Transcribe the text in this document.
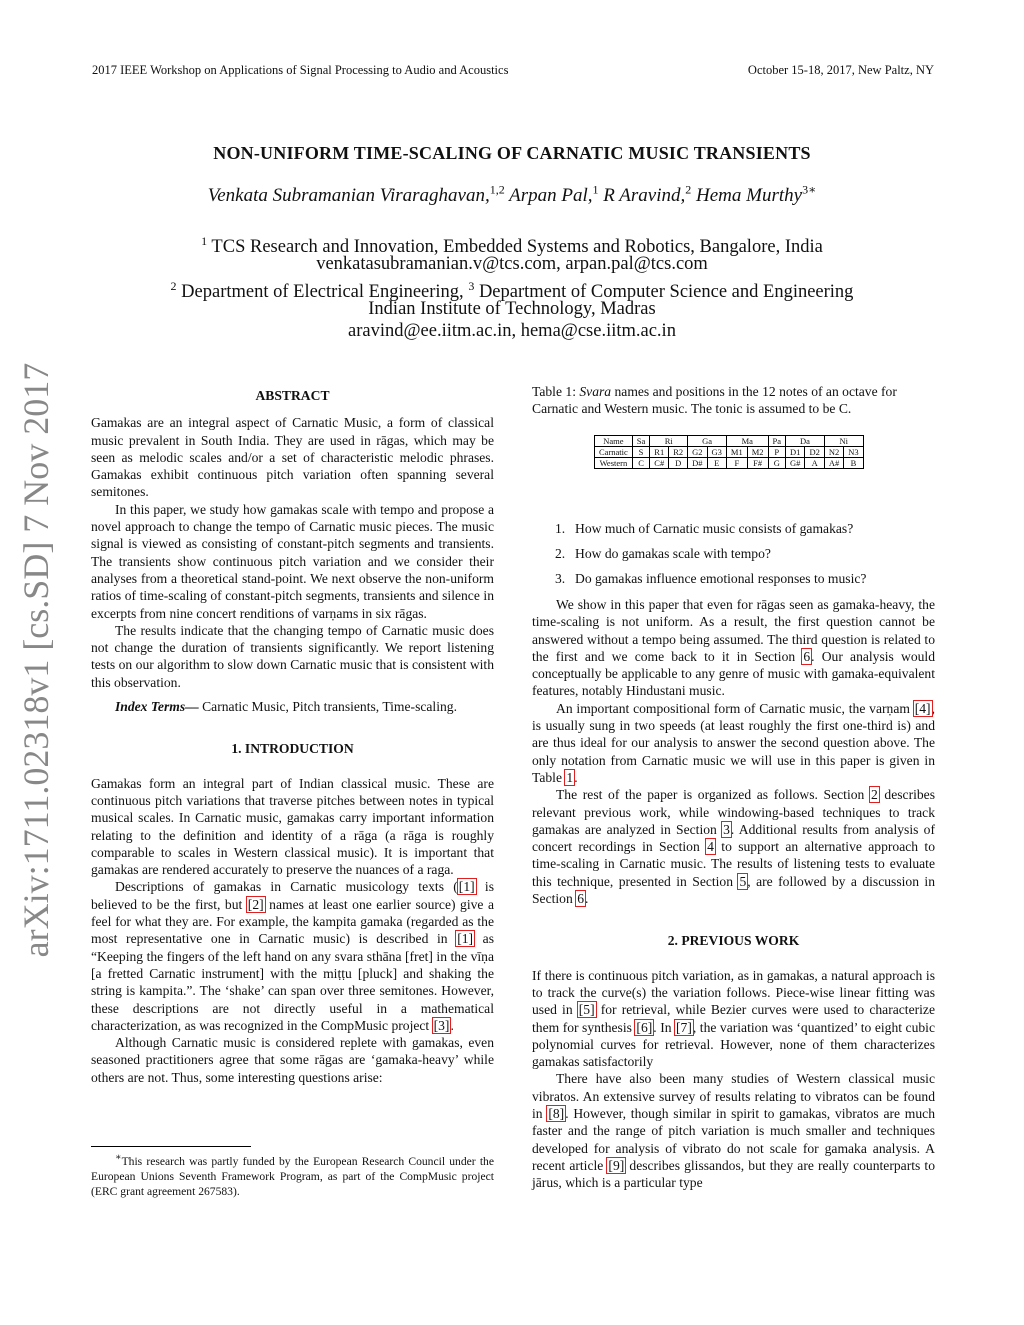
2017 IEEE Workshop on Applications of Signal Processing to Audio and Acoustics	October 15-18, 2017, New Paltz, NY
NON-UNIFORM TIME-SCALING OF CARNATIC MUSIC TRANSIENTS
Venkata Subramanian Viraraghavan,$^{1,2}$ Arpan Pal,$^1$ R Aravind,$^2$ Hema Murthy$^{3∗}$
$^1$ TCS Research and Innovation, Embedded Systems and Robotics, Bangalore, India
venkatasubramanian.v@tcs.com, arpan.pal@tcs.com
$^2$ Department of Electrical Engineering, $^3$ Department of Computer Science and Engineering
Indian Institute of Technology, Madras
aravind@ee.iitm.ac.in, hema@cse.iitm.ac.in
arXiv:1711.02318v1 [cs.SD] 7 Nov 2017	ABSTRACT

Gamakas are an integral aspect of Carnatic Music, a form of classical music prevalent in South India. They are used in rāgas, which may be seen as melodic scales and/or a set of characteristic melodic phrases. Gamakas exhibit continuous pitch variation often spanning several semitones.

In this paper, we study how gamakas scale with tempo and propose a novel approach to change the tempo of Carnatic music pieces. The music signal is viewed as consisting of constant-pitch segments and transients. The transients show continuous pitch variation and we consider their analyses from a theoretical stand-point. We next observe the non-uniform ratios of time-scaling of constant-pitch segments, transients and silence in excerpts from nine concert renditions of varṇams in six rāgas.

The results indicate that the changing tempo of Carnatic music does not change the duration of transients significantly. We report listening tests on our algorithm to slow down Carnatic music that is consistent with this observation.

Index Terms— Carnatic Music, Pitch transients, Time-scaling.

1. INTRODUCTION

Gamakas form an integral part of Indian classical music. These are continuous pitch variations that traverse pitches between notes in typical musical scales. In Carnatic music, gamakas carry important information relating to the definition and identity of a rāga (a rāga is roughly comparable to scales in Western classical music). It is important that gamakas are rendered accurately to preserve the nuances of a raga.

Descriptions of gamakas in Carnatic musicology texts ([1] is believed to be the first, but [2] names at least one earlier source) give a feel for what they are. For example, the kampita gamaka (regarded as the most representative one in Carnatic music) is described in [1] as “Keeping the fingers of the left hand on any svara sthāna [fret] in the vīṇa [a fretted Carnatic instrument] with the miṭṭu [pluck] and shaking the string is kampita.”. The ‘shake’ can span over three semitones. However, these descriptions are not directly useful in a mathematical characterization, as was recognized in the CompMusic project [3].

Although Carnatic music is considered replete with gamakas, even seasoned practitioners agree that some rāgas are ‘gamaka-heavy’ while others are not. Thus, some interesting questions arise:

∗This research was partly funded by the European Research Council under the European Unions Seventh Framework Program, as part of the CompMusic project (ERC grant agreement 267583).

Table 1: Svara names and positions in the 12 notes of an octave for Carnatic and Western music. The tonic is assumed to be C.
Name	Sa	Ri		Ga		Ma		Pa	Da		Ni	
Carnatic	S	R1	R2	G2	G3	M1	M2	P	D1	D2	N2	N3
Western	C	C#	D	D#	E	F	F#	G	G#	A	A#	B
1. How much of Carnatic music consists of gamakas?
2. How do gamakas scale with tempo?
3. Do gamakas influence emotional responses to music?

We show in this paper that even for rāgas seen as gamaka-heavy, the time-scaling is not uniform. As a result, the first question cannot be answered without a tempo being assumed. The third question is related to the first and we come back to it in Section 6. Our analysis would conceptually be applicable to any genre of music with gamaka-equivalent features, notably Hindustani music.

An important compositional form of Carnatic music, the varṇam [4], is usually sung in two speeds (at least roughly the first one-third is) and are thus ideal for our analysis to answer the second question above. The only notation from Carnatic music we will use in this paper is given in Table 1.

The rest of the paper is organized as follows. Section 2 describes relevant previous work, while windowing-based techniques to track gamakas are analyzed in Section 3. Additional results from analysis of concert recordings in Section 4 to support an alternative approach to time-scaling in Carnatic music. The results of listening tests to evaluate this technique, presented in Section 5, are followed by a discussion in Section 6.

2. PREVIOUS WORK

If there is continuous pitch variation, as in gamakas, a natural approach is to track the curve(s) the variation follows. Piece-wise linear fitting was used in [5] for retrieval, while Bezier curves were used to characterize them for synthesis [6]. In [7], the variation was ‘quantized’ to eight cubic polynomial curves for retrieval. However, none of them characterizes gamakas satisfactorily

There have also been many studies of Western classical music vibratos. An extensive survey of results relating to vibratos can be found in [8]. However, though similar in spirit to gamakas, vibratos are much faster and the range of pitch variation is much smaller and techniques developed for analysis of vibrato do not scale for gamaka analysis. A recent article [9] describes glissandos, but they are really counterparts to jārus, which is a particular type
